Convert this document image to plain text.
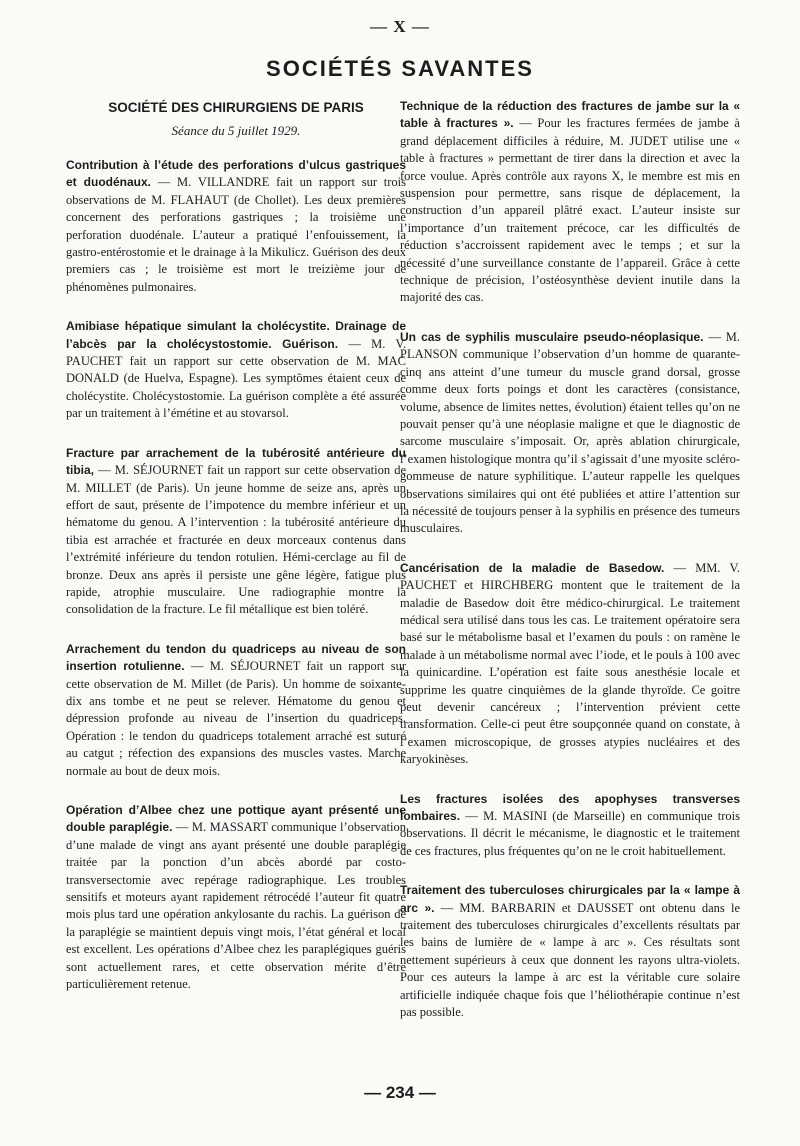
— X —
SOCIÉTÉS SAVANTES
SOCIÉTÉ DES CHIRURGIENS DE PARIS
Séance du 5 juillet 1929.
Contribution à l’étude des perforations d’ulcus gastriques et duodénaux. — M. VILLANDRE fait un rapport sur trois observations de M. FLAHAUT (de Chollet). Les deux premières concernent des perforations gastriques ; la troisième une perforation duodénale. L’auteur a pratiqué l’enfouissement, la gastro-entérostomie et le drainage à la Mikulicz. Guérison des deux premiers cas ; le troisième est mort le treizième jour de phénomènes pulmonaires.
Amibiase hépatique simulant la cholécystite. Drainage de l’abcès par la cholécystostomie. Guérison. — M. V. PAUCHET fait un rapport sur cette observation de M. MAC DONALD (de Huelva, Espagne). Les symptômes étaient ceux de cholécystite. Cholécystostomie. La guérison complète a été assurée par un traitement à l’émétine et au stovarsol.
Fracture par arrachement de la tubérosité antérieure du tibia, — M. SÉJOURNET fait un rapport sur cette observation de M. MILLET (de Paris). Un jeune homme de seize ans, après un effort de saut, présente de l’impotence du membre inférieur et un hématome du genou. A l’intervention : la tubérosité antérieure du tibia est arrachée et fracturée en deux morceaux contenus dans l’extrémité inférieure du tendon rotulien. Hémi-cerclage au fil de bronze. Deux ans après il persiste une gêne légère, fatigue plus rapide, atrophie musculaire. Une radiographie montre la consolidation de la fracture. Le fil métallique est bien toléré.
Arrachement du tendon du quadriceps au niveau de son insertion rotulienne. — M. SÉJOURNET fait un rapport sur cette observation de M. Millet (de Paris). Un homme de soixante-dix ans tombe et ne peut se relever. Hématome du genou et dépression profonde au niveau de l’insertion du quadriceps. Opération : le tendon du quadriceps totalement arraché est suturé au catgut ; réfection des expansions des muscles vastes. Marche normale au bout de deux mois.
Opération d’Albee chez une pottique ayant présenté une double paraplégie. — M. MASSART communique l’observation d’une malade de vingt ans ayant présenté une double paraplégie traitée par la ponction d’un abcès abordé par costo-transversectomie avec repérage radiographique. Les troubles sensitifs et moteurs ayant rapidement rétrocédé l’auteur fit quatre mois plus tard une opération ankylosante du rachis. La guérison de la paraplégie se maintient depuis vingt mois, l’état général et local est excellent. Les opérations d’Albee chez les paraplégiques guéris sont actuellement rares, et cette observation mérite d’être particulièrement retenue.
Technique de la réduction des fractures de jambe sur la « table à fractures ». — Pour les fractures fermées de jambe à grand déplacement difficiles à réduire, M. JUDET utilise une « table à fractures » permettant de tirer dans la direction et avec la force voulue. Après contrôle aux rayons X, le membre est mis en suspension pour permettre, sans risque de déplacement, la construction d’un appareil plâtré exact. L’auteur insiste sur l’importance d’un traitement précoce, car les difficultés de réduction s’accroissent rapidement avec le temps ; et sur la nécessité d’une surveillance constante de l’appareil. Grâce à cette technique de précision, l’ostéosynthèse devient inutile dans la majorité des cas.
Un cas de syphilis musculaire pseudo-néoplasique. — M. PLANSON communique l’observation d’un homme de quarante-cinq ans atteint d’une tumeur du muscle grand dorsal, grosse comme deux forts poings et dont les caractères (consistance, volume, absence de limites nettes, évolution) étaient telles qu’on ne pouvait penser qu’à une néoplasie maligne et que le diagnostic de sarcome musculaire s’imposait. Or, après ablation chirurgicale, l’examen histologique montra qu’il s’agissait d’une myosite scléro-gommeuse de nature syphilitique. L’auteur rappelle les quelques observations similaires qui ont été publiées et attire l’attention sur la nécessité de toujours penser à la syphilis en présence des tumeurs musculaires.
Cancérisation de la maladie de Basedow. — MM. V. PAUCHET et HIRCHBERG montent que le traitement de la maladie de Basedow doit être médico-chirurgical. Le traitement médical sera utilisé dans tous les cas. Le traitement opératoire sera basé sur le métabolisme basal et l’examen du pouls : on ramène le malade à un métabolisme normal avec l’iode, et le pouls à 100 avec la quinicardine. L’opération est faite sous anesthésie locale et supprime les quatre cinquièmes de la glande thyroïde. Ce goitre peut devenir cancéreux ; l’intervention prévient cette transformation. Celle-ci peut être soupçonnée quand on constate, à l’examen microscopique, de grosses atypies nucléaires et des karyokinèses.
Les fractures isolées des apophyses transverses lombaires. — M. MASINI (de Marseille) en communique trois observations. Il décrit le mécanisme, le diagnostic et le traitement de ces fractures, plus fréquentes qu’on ne le croit habituellement.
Traitement des tuberculoses chirurgicales par la « lampe à arc ». — MM. BARBARIN et DAUSSET ont obtenu dans le traitement des tuberculoses chirurgicales d’excellents résultats par les bains de lumière de « lampe à arc ». Ces résultats sont nettement supérieurs à ceux que donnent les rayons ultra-violets. Pour ces auteurs la lampe à arc est la véritable cure solaire artificielle indiquée chaque fois que l’héliothérapie continue n’est pas possible.
— 234 —
